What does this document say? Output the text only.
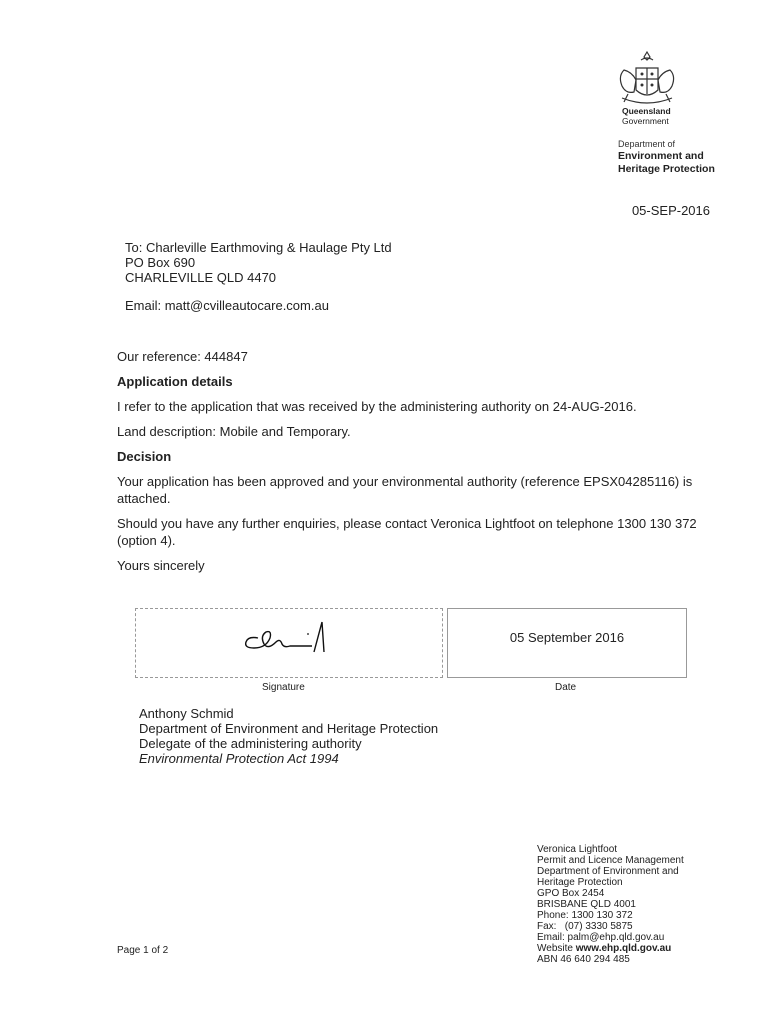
Queensland
Government
Department of
Environment and
Heritage Protection
05-SEP-2016
To: Charleville Earthmoving & Haulage Pty Ltd
PO Box 690
CHARLEVILLE QLD 4470
Email: matt@cvilleautocare.com.au

Our reference: 444847

Application details

I refer to the application that was received by the administering authority on 24-AUG-2016.

Land description: Mobile and Temporary.

Decision

Your application has been approved and your environmental authority (reference EPSX04285116) is attached.

Should you have any further enquiries, please contact Veronica Lightfoot on telephone 1300 130 372 (option 4).

Yours sincerely

05 September 2016
Signature	Date
Anthony Schmid
Department of Environment and Heritage Protection
Delegate of the administering authority
Environmental Protection Act 1994
Page 1 of 2
Veronica Lightfoot
Permit and Licence Management
Department of Environment and
Heritage Protection
GPO Box 2454
BRISBANE QLD 4001
Phone: 1300 130 372
Fax:   (07) 3330 5875
Email: palm@ehp.qld.gov.au
Website www.ehp.qld.gov.au
ABN 46 640 294 485
